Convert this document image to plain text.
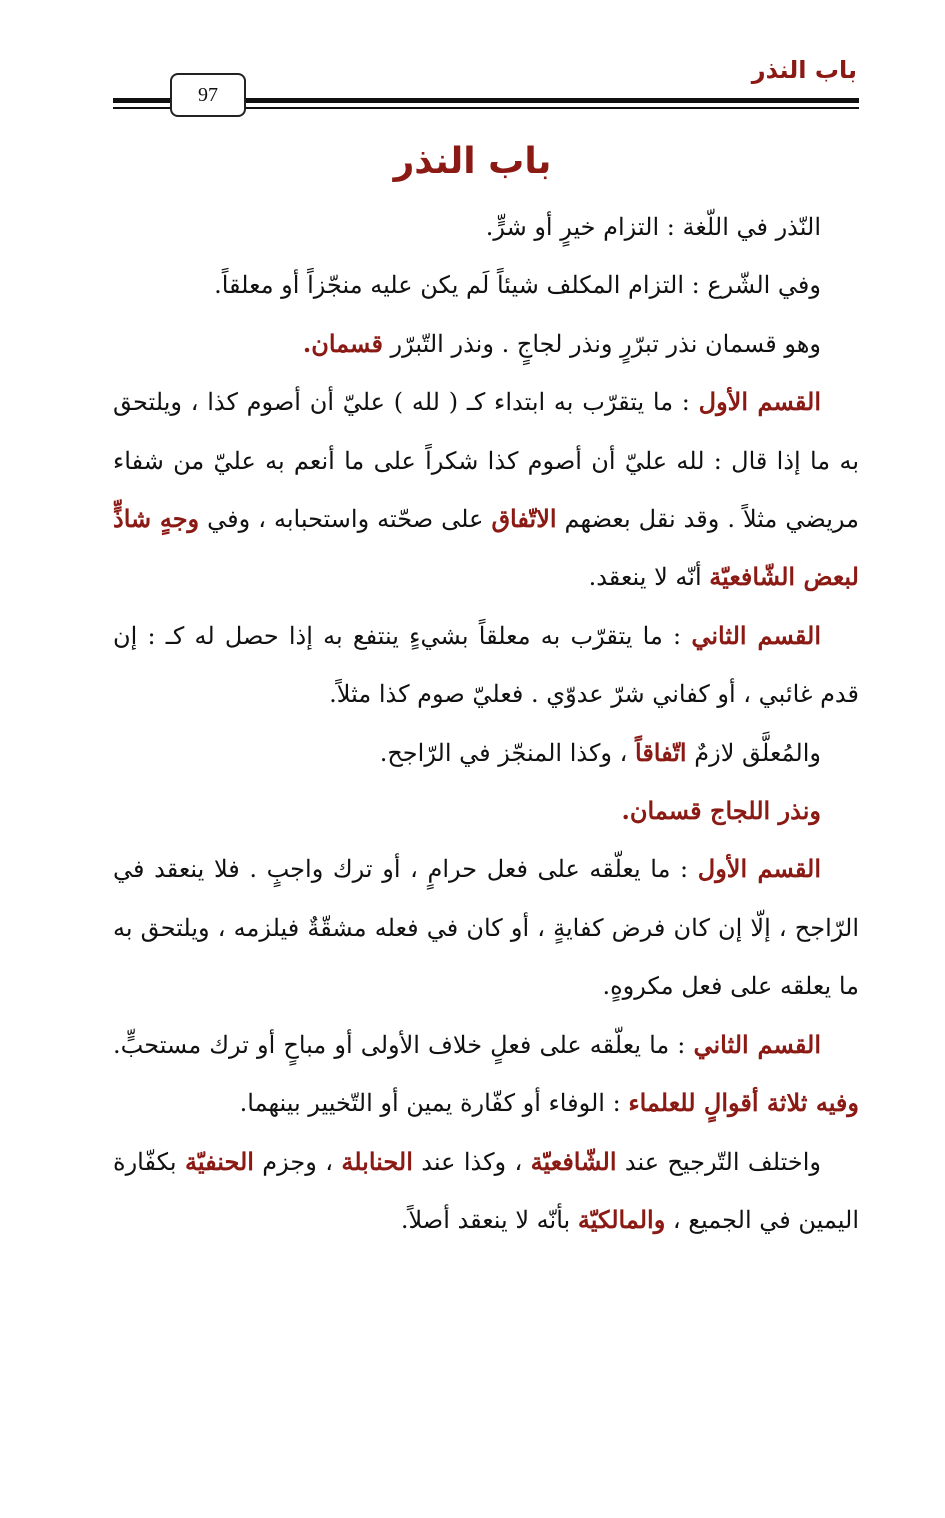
باب النذر
97
باب النذر

النّذر في اللّغة : التزام خيرٍ أو شرٍّ.

وفي الشّرع : التزام المكلف شيئاً لَم يكن عليه منجّزاً أو معلقاً.

وهو قسمان نذر تبرّرٍ ونذر لجاجٍ . ونذر التّبرّر قسمان.

القسم الأول : ما يتقرّب به ابتداء كـ ( لله ) عليّ أن أصوم كذا ، ويلتحق به ما إذا قال : لله عليّ أن أصوم كذا شكراً على ما أنعم به عليّ من شفاء مريضي مثلاً . وقد نقل بعضهم الاتّفاق على صحّته واستحبابه ، وفي وجهٍ شاذٍّ لبعض الشّافعيّة أنّه لا ينعقد.

القسم الثاني : ما يتقرّب به معلقاً بشيءٍ ينتفع به إذا حصل له كـ : إن قدم غائبي ، أو كفاني شرّ عدوّي . فعليّ صوم كذا مثلاً.

والمُعلَّق لازمٌ اتّفاقاً ، وكذا المنجّز في الرّاجح.

ونذر اللجاج قسمان.

القسم الأول : ما يعلّقه على فعل حرامٍ ، أو ترك واجبٍ . فلا ينعقد في الرّاجح ، إلّا إن كان فرض كفايةٍ ، أو كان في فعله مشقّةٌ فيلزمه ، ويلتحق به ما يعلقه على فعل مكروهٍ.

القسم الثاني : ما يعلّقه على فعلٍ خلاف الأولى أو مباحٍ أو ترك مستحبٍّ. وفيه ثلاثة أقوالٍ للعلماء : الوفاء أو كفّارة يمين أو التّخيير بينهما.

واختلف التّرجيح عند الشّافعيّة ، وكذا عند الحنابلة ، وجزم الحنفيّة بكفّارة اليمين في الجميع ، والمالكيّة بأنّه لا ينعقد أصلاً.
